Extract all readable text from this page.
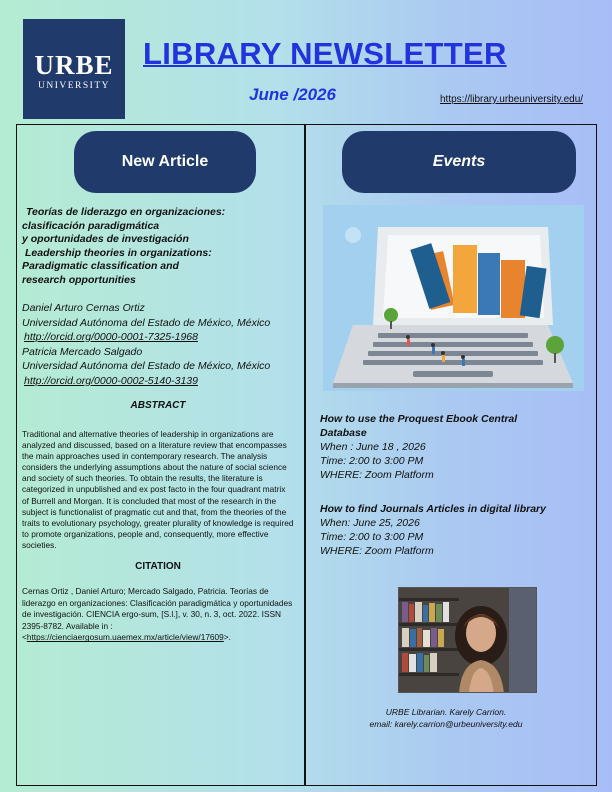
URBE
UNIVERSITY
LIBRARY NEWSLETTER
June /2026	https://library.urbeuniversity.edu/
New Article	Events
Teorías de liderazgo en organizaciones:
clasificación paradigmática
y oportunidades de investigación
Leadership theories in organizations:
Paradigmatic classification and
research opportunities
Daniel Arturo Cernas Ortiz
Universidad Autónoma del Estado de México, México
http://orcid.org/0000-0001-7325-1968
Patricia Mercado Salgado
Universidad Autónoma del Estado de México, México
http://orcid.org/0000-0002-5140-3139
ABSTRACT
Traditional and alternative theories of leadership in organizations are analyzed and discussed, based on a literature review that encompasses the main approaches used in contemporary research. The analysis considers the underlying assumptions about the nature of social science and society of such theories. To obtain the results, the literature is categorized in unpublished and ex post facto in the four quadrant matrix of Burrell and Morgan. It is concluded that most of the research in the subject is functionalist of pragmatic cut and that, from the theories of the traits to evolutionary psychology, greater plurality of knowledge is required to promote organizations, people and, consequently, more effective societies.
CITATION
Cernas Ortiz , Daniel Arturo; Mercado Salgado, Patricia. Teorías de liderazgo en organizaciones: Clasificación paradigmática y oportunidades de investigación. CIENCIA ergo-sum, [S.l.], v. 30, n. 3, oct. 2022. ISSN 2395-8782. Available in :
<https://cienciaergosum.uaemex.mx/article/view/17609>.
How to use the Proquest Ebook Central Database
When : June 18 , 2026
Time: 2:00 to 3:00 PM
WHERE: Zoom Platform
How to find Journals Articles in digital library
When: June 25, 2026
Time: 2:00 to 3:00 PM
WHERE: Zoom Platform
URBE Librarian. Karely Carrion.
email: karely.carrion@urbeuniversity.edu
